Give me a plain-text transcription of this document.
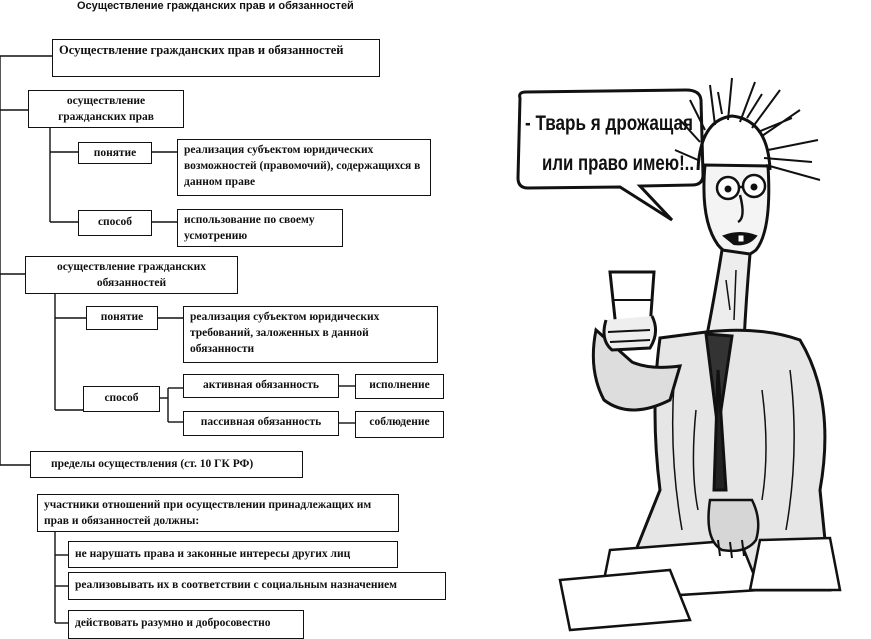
Осуществление гражданских прав и обязанностей
Осуществление гражданских прав и обязанностей
осуществление гражданских прав
понятие	реализация субъектом юридических возможностей (правомочий), содержащихся в данном праве
способ	использование по своему усмотрению
осуществление гражданских обязанностей
понятие	реализация субъектом юридических требований, заложенных в данной обязанности
способ
активная обязанность	исполнение
пассивная обязанность	соблюдение
пределы осуществления (ст. 10 ГК РФ)
участники отношений при осуществлении принадлежащих им прав и обязанностей должны:
не нарушать права и законные интересы других лиц
реализовывать их в соответствии с социальным назначением
действовать разумно и добросовестно
- Тварь я дрожащая
или право имею!..
